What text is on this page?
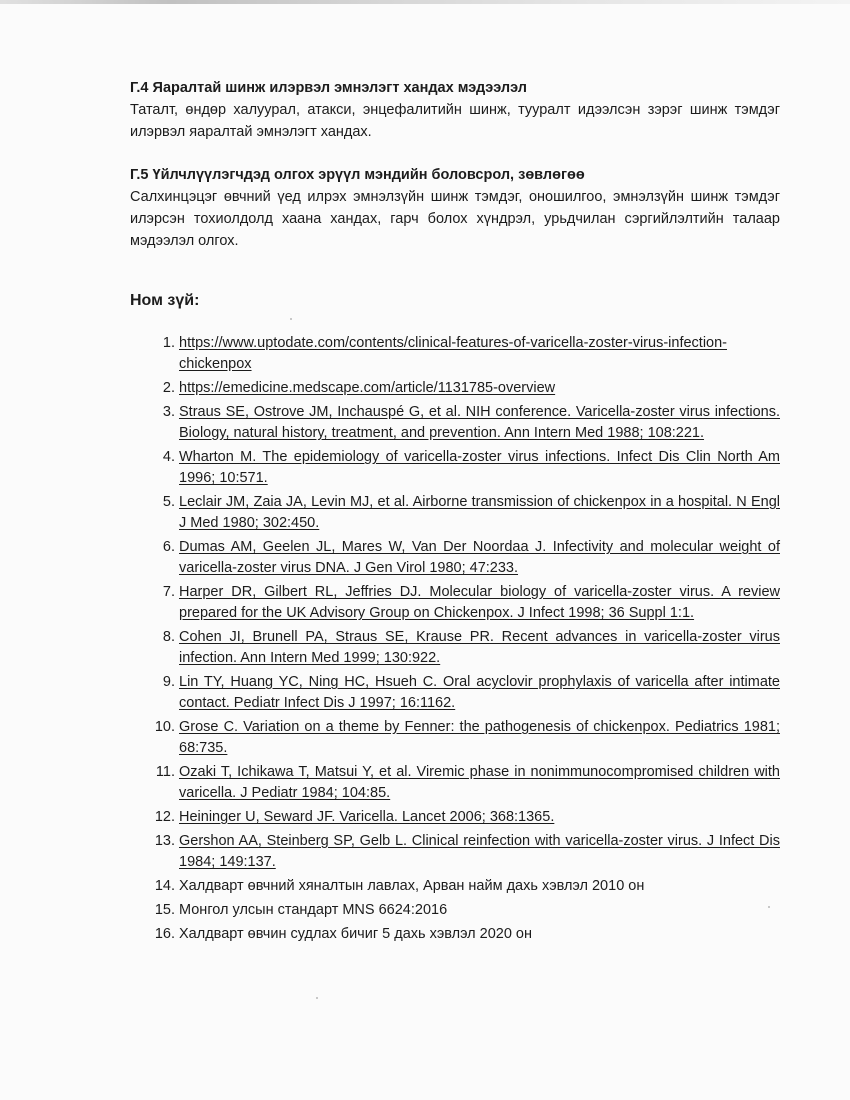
Г.4 Яаралтай шинж илэрвэл эмнэлэгт хандах мэдээлэл

Таталт, өндөр халуурал, атакси, энцефалитийн шинж, тууралт идээлсэн зэрэг шинж тэмдэг илэрвэл яаралтай эмнэлэгт хандах.

Г.5 Үйлчлүүлэгчдэд олгох эрүүл мэндийн боловсрол, зөвлөгөө

Салхинцэцэг өвчний үед илрэх эмнэлзүйн шинж тэмдэг, оношилгоо, эмнэлзүйн шинж тэмдэг илэрсэн тохиолдолд хаана хандах, гарч болох хүндрэл, урьдчилан сэргийлэлтийн талаар мэдээлэл олгох.

Ном зүй:
1. https://www.uptodate.com/contents/clinical-features-of-varicella-zoster-virus-infection-chickenpox
2. https://emedicine.medscape.com/article/1131785-overview
3. Straus SE, Ostrove JM, Inchauspé G, et al. NIH conference. Varicella-zoster virus infections. Biology, natural history, treatment, and prevention. Ann Intern Med 1988; 108:221.
4. Wharton M. The epidemiology of varicella-zoster virus infections. Infect Dis Clin North Am 1996; 10:571.
5. Leclair JM, Zaia JA, Levin MJ, et al. Airborne transmission of chickenpox in a hospital. N Engl J Med 1980; 302:450.
6. Dumas AM, Geelen JL, Mares W, Van Der Noordaa J. Infectivity and molecular weight of varicella-zoster virus DNA. J Gen Virol 1980; 47:233.
7. Harper DR, Gilbert RL, Jeffries DJ. Molecular biology of varicella-zoster virus. A review prepared for the UK Advisory Group on Chickenpox. J Infect 1998; 36 Suppl 1:1.
8. Cohen JI, Brunell PA, Straus SE, Krause PR. Recent advances in varicella-zoster virus infection. Ann Intern Med 1999; 130:922.
9. Lin TY, Huang YC, Ning HC, Hsueh C. Oral acyclovir prophylaxis of varicella after intimate contact. Pediatr Infect Dis J 1997; 16:1162.
10. Grose C. Variation on a theme by Fenner: the pathogenesis of chickenpox. Pediatrics 1981; 68:735.
11. Ozaki T, Ichikawa T, Matsui Y, et al. Viremic phase in nonimmunocompromised children with varicella. J Pediatr 1984; 104:85.
12. Heininger U, Seward JF. Varicella. Lancet 2006; 368:1365.
13. Gershon AA, Steinberg SP, Gelb L. Clinical reinfection with varicella-zoster virus. J Infect Dis 1984; 149:137.
14. Халдварт өвчний хяналтын лавлах, Арван найм дахь хэвлэл 2010 он
15. Монгол улсын стандарт MNS 6624:2016
16. Халдварт өвчин судлах бичиг 5 дахь хэвлэл 2020 он
